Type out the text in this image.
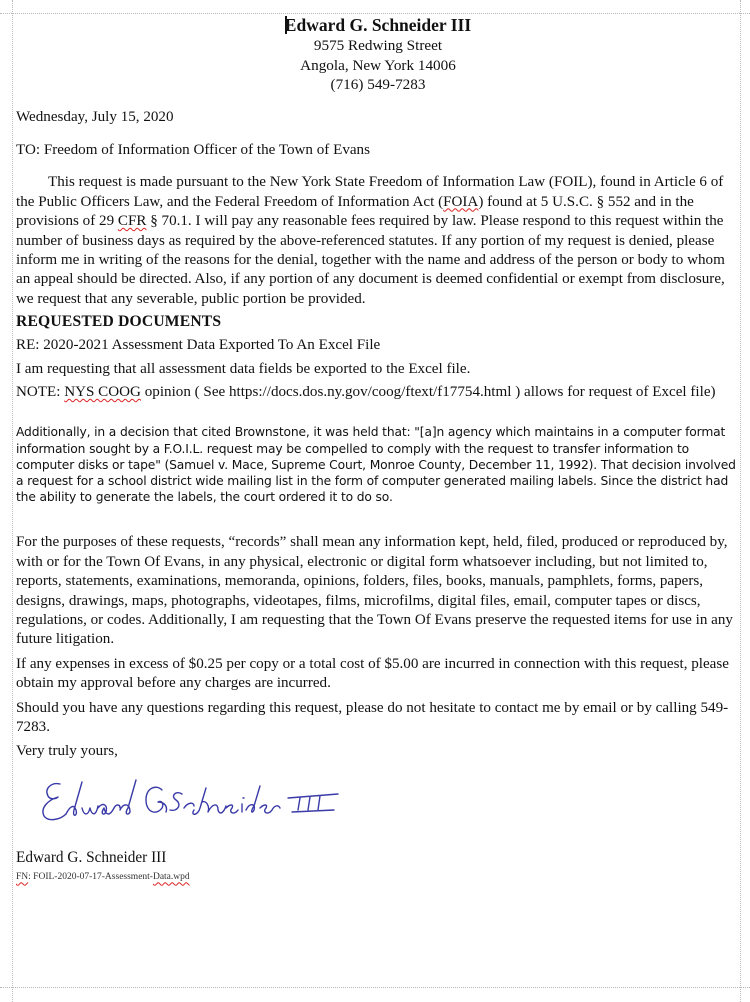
Edward G. Schneider III
9575 Redwing Street
Angola, New York 14006
(716) 549-7283

Wednesday, July 15, 2020

TO: Freedom of Information Officer of the Town of Evans

This request is made pursuant to the New York State Freedom of Information Law (FOIL), found in Article 6 of the Public Officers Law, and the Federal Freedom of Information Act (FOIA) found at 5 U.S.C. § 552 and in the provisions of 29 CFR § 70.1. I will pay any reasonable fees required by law. Please respond to this request within the number of business days as required by the above-referenced statutes. If any portion of my request is denied, please inform me in writing of the reasons for the denial, together with the name and address of the person or body to whom an appeal should be directed. Also, if any portion of any document is deemed confidential or exempt from disclosure, we request that any severable, public portion be provided.

REQUESTED DOCUMENTS

RE: 2020-2021 Assessment Data Exported To An Excel File

I am requesting that all assessment data fields be exported to the Excel file.

NOTE: NYS COOG opinion ( See https://docs.dos.ny.gov/coog/ftext/f17754.html ) allows for request of Excel file)

Additionally, in a decision that cited Brownstone, it was held that: "[a]n agency which maintains in a computer format information sought by a F.O.I.L. request may be compelled to comply with the request to transfer information to computer disks or tape" (Samuel v. Mace, Supreme Court, Monroe County, December 11, 1992). That decision involved a request for a school district wide mailing list in the form of computer generated mailing labels. Since the district had the ability to generate the labels, the court ordered it to do so.

For the purposes of these requests, “records” shall mean any information kept, held, filed, produced or reproduced by, with or for the Town Of Evans, in any physical, electronic or digital form whatsoever including, but not limited to, reports, statements, examinations, memoranda, opinions, folders, files, books, manuals, pamphlets, forms, papers, designs, drawings, maps, photographs, videotapes, films, microfilms, digital files, email, computer tapes or discs, regulations, or codes. Additionally, I am requesting that the Town Of Evans preserve the requested items for use in any future litigation.

If any expenses in excess of $0.25 per copy or a total cost of $5.00 are incurred in connection with this request, please obtain my approval before any charges are incurred.

Should you have any questions regarding this request, please do not hesitate to contact me by email or by calling 549-7283.

Very truly yours,

Edward G. Schneider III

FN: FOIL-2020-07-17-Assessment-Data.wpd
